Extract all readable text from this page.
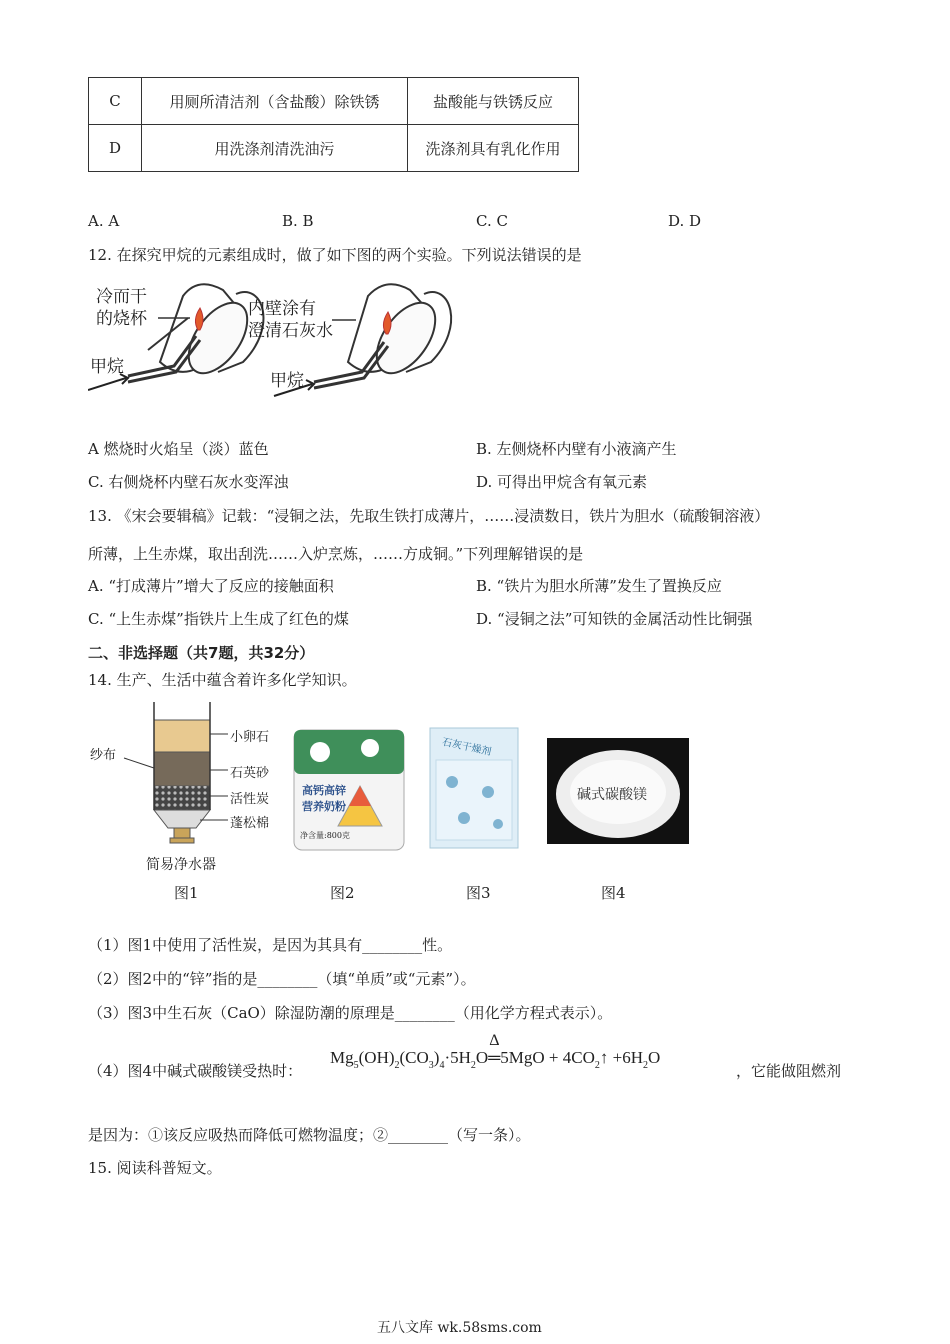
C	用厕所清洁剂（含盐酸）除铁锈	盐酸能与铁锈反应
D	用洗涤剂清洗油污	洗涤剂具有乳化作用
A. A	B. B	C. C	D. D
12. 在探究甲烷的元素组成时，做了如下图的两个实验。下列说法错误的是
冷而干
的烧杯
甲烷
内壁涂有
澄清石灰水
甲烷
A 燃烧时火焰呈（淡）蓝色	B. 左侧烧杯内壁有小液滴产生
C. 右侧烧杯内壁石灰水变浑浊	D. 可得出甲烷含有氧元素
13. 《宋会要辑稿》记载：“浸铜之法，先取生铁打成薄片，……浸渍数日，铁片为胆水（硫酸铜溶液）
所薄，上生赤煤，取出刮洗……入炉烹炼，……方成铜。”下列理解错误的是
A. “打成薄片”增大了反应的接触面积	B. “铁片为胆水所薄”发生了置换反应
C. “上生赤煤”指铁片上生成了红色的煤	D. “浸铜之法”可知铁的金属活动性比铜强
二、非选择题（共7题，共32分）
14. 生产、生活中蕴含着许多化学知识。
纱布
小卵石
石英砂
活性炭
蓬松棉
简易净水器
图1
高钙高锌
营养奶粉
净含量:800克
图2
石灰干燥剂
图3
碱式碳酸镁
图4
（1）图1中使用了活性炭，是因为其具有________性。
（2）图2中的“锌”指的是________（填“单质”或“元素”）。
（3）图3中生石灰（CaO）除湿防潮的原理是________（用化学方程式表示）。
（4）图4中碱式碳酸镁受热时：
$Mg_5(OH)_2(CO_3)_4\cdot 5H_2O$
Δ
═5MgO + $4CO_2↑ +6H_2O$
，它能做阻燃剂
是因为：①该反应吸热而降低可燃物温度；②________（写一条）。
15. 阅读科普短文。
五八文库 wk.58sms.com
